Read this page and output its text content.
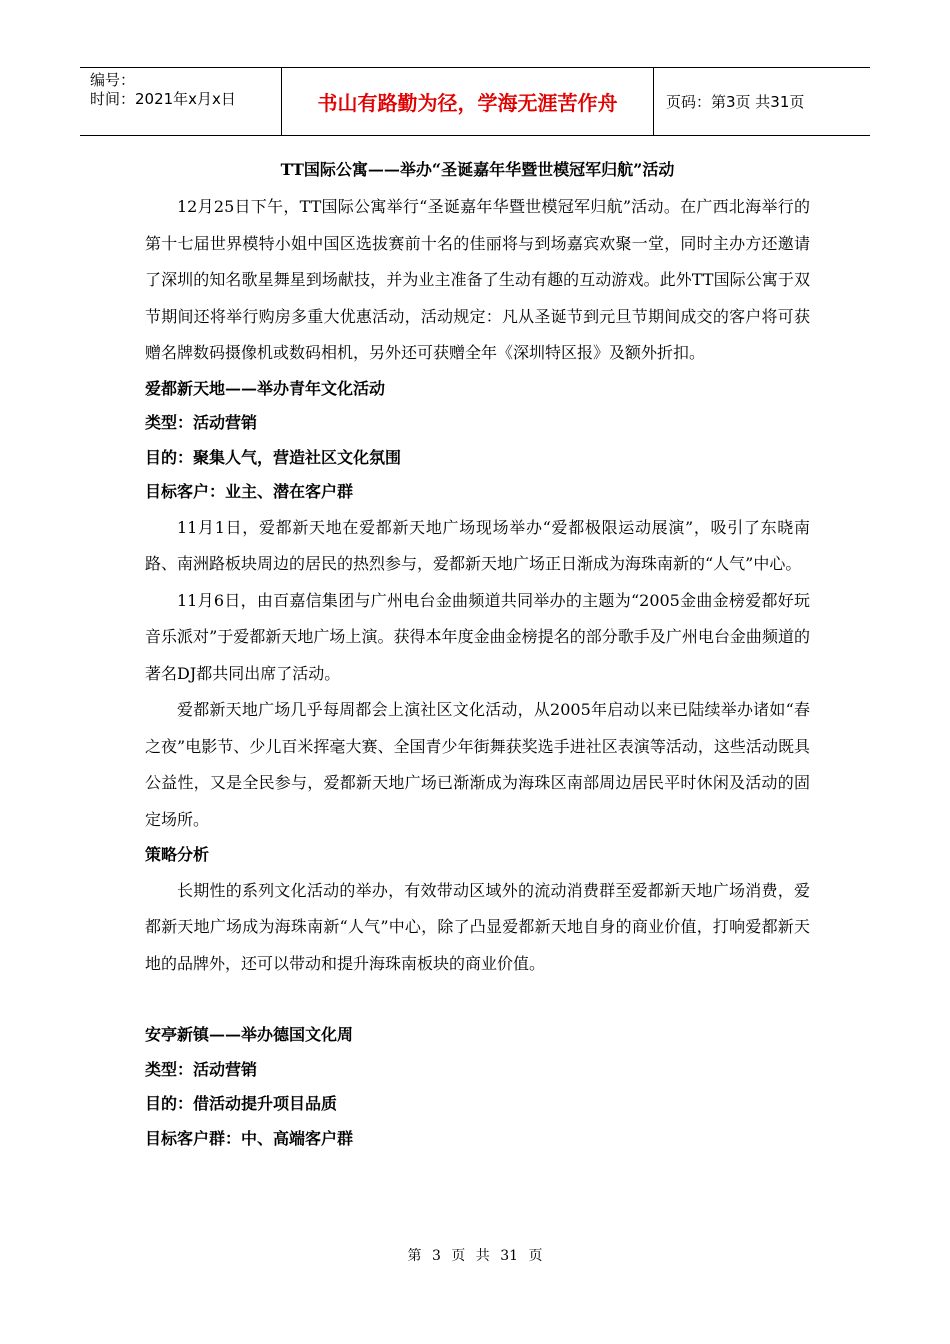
编号：
时间：2021年x月x日	书山有路勤为径，学海无涯苦作舟	页码：第3页 共31页

TT国际公寓——举办“圣诞嘉年华暨世模冠军归航”活动

12月25日下午，TT国际公寓举行“圣诞嘉年华暨世模冠军归航”活动。在广西北海举行的第十七届世界模特小姐中国区选拔赛前十名的佳丽将与到场嘉宾欢聚一堂，同时主办方还邀请了深圳的知名歌星舞星到场献技，并为业主准备了生动有趣的互动游戏。此外TT国际公寓于双节期间还将举行购房多重大优惠活动，活动规定：凡从圣诞节到元旦节期间成交的客户将可获赠名牌数码摄像机或数码相机，另外还可获赠全年《深圳特区报》及额外折扣。

爱都新天地——举办青年文化活动

类型：活动营销

目的：聚集人气，营造社区文化氛围

目标客户：业主、潜在客户群

11月1日，爱都新天地在爱都新天地广场现场举办“爱都极限运动展演”，吸引了东晓南路、南洲路板块周边的居民的热烈参与，爱都新天地广场正日渐成为海珠南新的“人气”中心。

11月6日，由百嘉信集团与广州电台金曲频道共同举办的主题为“2005金曲金榜爱都好玩音乐派对”于爱都新天地广场上演。获得本年度金曲金榜提名的部分歌手及广州电台金曲频道的著名DJ都共同出席了活动。

爱都新天地广场几乎每周都会上演社区文化活动，从2005年启动以来已陆续举办诸如“春之夜”电影节、少儿百米挥毫大赛、全国青少年街舞获奖选手进社区表演等活动，这些活动既具公益性，又是全民参与，爱都新天地广场已渐渐成为海珠区南部周边居民平时休闲及活动的固定场所。

策略分析

长期性的系列文化活动的举办，有效带动区域外的流动消费群至爱都新天地广场消费，爱都新天地广场成为海珠南新“人气”中心，除了凸显爱都新天地自身的商业价值，打响爱都新天地的品牌外，还可以带动和提升海珠南板块的商业价值。

安亭新镇——举办德国文化周

类型：活动营销

目的：借活动提升项目品质

目标客户群：中、高端客户群

第 3 页 共 31 页
